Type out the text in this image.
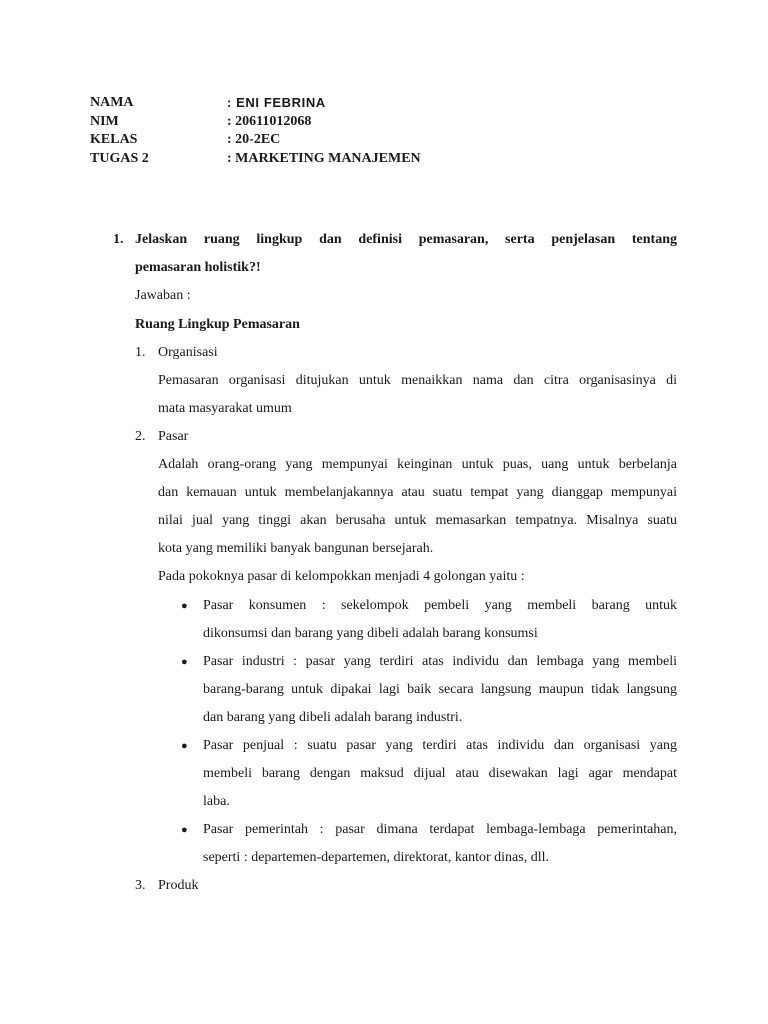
NAMA	: ENI FEBRINA
NIM	: 20611012068
KELAS	: 20-2EC
TUGAS 2	: MARKETING MANAJEMEN
1. Jelaskan ruang lingkup dan definisi pemasaran, serta penjelasan tentang
pemasaran holistik?!
Jawaban :
Ruang Lingkup Pemasaran
1. Organisasi
Pemasaran organisasi ditujukan untuk menaikkan nama dan citra organisasinya di
mata masyarakat umum
2. Pasar
Adalah orang-orang yang mempunyai keinginan untuk puas, uang untuk berbelanja
dan kemauan untuk membelanjakannya atau suatu tempat yang dianggap mempunyai
nilai jual yang tinggi akan berusaha untuk memasarkan tempatnya. Misalnya suatu
kota yang memiliki banyak bangunan bersejarah.
Pada pokoknya pasar di kelompokkan menjadi 4 golongan yaitu :
● Pasar konsumen : sekelompok pembeli yang membeli barang untuk
dikonsumsi dan barang yang dibeli adalah barang konsumsi
● Pasar industri : pasar yang terdiri atas individu dan lembaga yang membeli
barang-barang untuk dipakai lagi baik secara langsung maupun tidak langsung
dan barang yang dibeli adalah barang industri.
● Pasar penjual : suatu pasar yang terdiri atas individu dan organisasi yang
membeli barang dengan maksud dijual atau disewakan lagi agar mendapat
laba.
● Pasar pemerintah : pasar dimana terdapat lembaga-lembaga pemerintahan,
seperti : departemen-departemen, direktorat, kantor dinas, dll.
3. Produk
